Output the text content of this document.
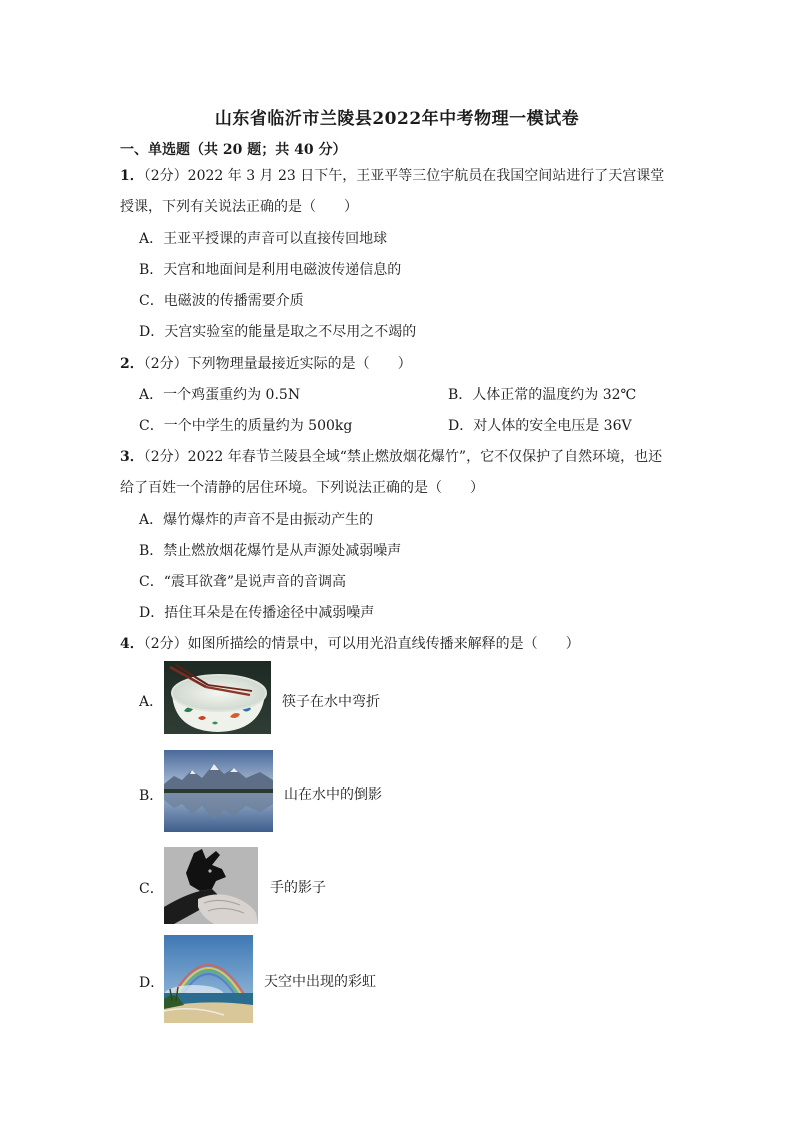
山东省临沂市兰陵县2022年中考物理一模试卷
一、单选题（共 20 题；共 40 分）
1．（2分）2022 年 3 月 23 日下午，王亚平等三位宇航员在我国空间站进行了天宫课堂
授课，下列有关说法正确的是（　　）
A．王亚平授课的声音可以直接传回地球
B．天宫和地面间是利用电磁波传递信息的
C．电磁波的传播需要介质
D．天宫实验室的能量是取之不尽用之不竭的
2．（2分）下列物理量最接近实际的是（　　）
A．一个鸡蛋重约为 0.5N	B．人体正常的温度约为 32℃
C．一个中学生的质量约为 500kg	D．对人体的安全电压是 36V
3．（2分）2022 年春节兰陵县全域“禁止燃放烟花爆竹”，它不仅保护了自然环境，也还
给了百姓一个清静的居住环境。下列说法正确的是（　　）
A．爆竹爆炸的声音不是由振动产生的
B．禁止燃放烟花爆竹是从声源处减弱噪声
C．“震耳欲聋”是说声音的音调高
D．捂住耳朵是在传播途径中减弱噪声
4．（2分）如图所描绘的情景中，可以用光沿直线传播来解释的是（　　）
A．	筷子在水中弯折
B．	山在水中的倒影
C．	手的影子
D．	天空中出现的彩虹
